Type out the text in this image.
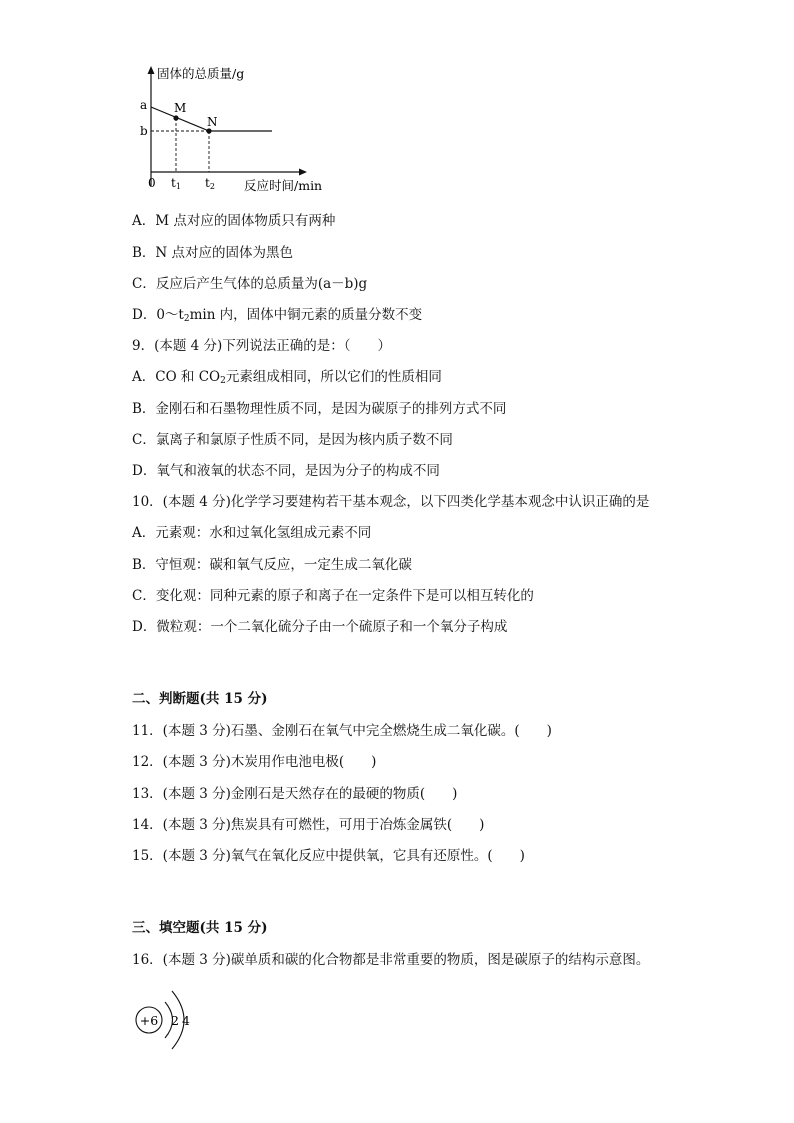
固体的总质量/g
a
b
M
N
0 t1 t2 反应时间/min
A．M 点对应的固体物质只有两种
B．N 点对应的固体为黑色
C．反应后产生气体的总质量为(a－b)g
D．$0\sim t_2\min$ 内，固体中铜元素的质量分数不变
9．(本题 4 分)下列说法正确的是：（　　）
A．CO 和 $CO_2$元素组成相同，所以它们的性质相同
B．金刚石和石墨物理性质不同，是因为碳原子的排列方式不同
C．氯离子和氯原子性质不同，是因为核内质子数不同
D．氧气和液氧的状态不同，是因为分子的构成不同
10．(本题 4 分)化学学习要建构若干基本观念，以下四类化学基本观念中认识正确的是
A．元素观：水和过氧化氢组成元素不同
B．守恒观：碳和氧气反应，一定生成二氧化碳
C．变化观：同种元素的原子和离子在一定条件下是可以相互转化的
D．微粒观：一个二氧化硫分子由一个硫原子和一个氧分子构成
二、判断题(共 15 分)
11．(本题 3 分)石墨、金刚石在氧气中完全燃烧生成二氧化碳。(　　)
12．(本题 3 分)木炭用作电池电极(　　)
13．(本题 3 分)金刚石是天然存在的最硬的物质(　　)
14．(本题 3 分)焦炭具有可燃性，可用于冶炼金属铁(　　)
15．(本题 3 分)氧气在氧化反应中提供氧，它具有还原性。(　　)
三、填空题(共 15 分)
16．(本题 3 分)碳单质和碳的化合物都是非常重要的物质，图是碳原子的结构示意图。
+6 2 4
